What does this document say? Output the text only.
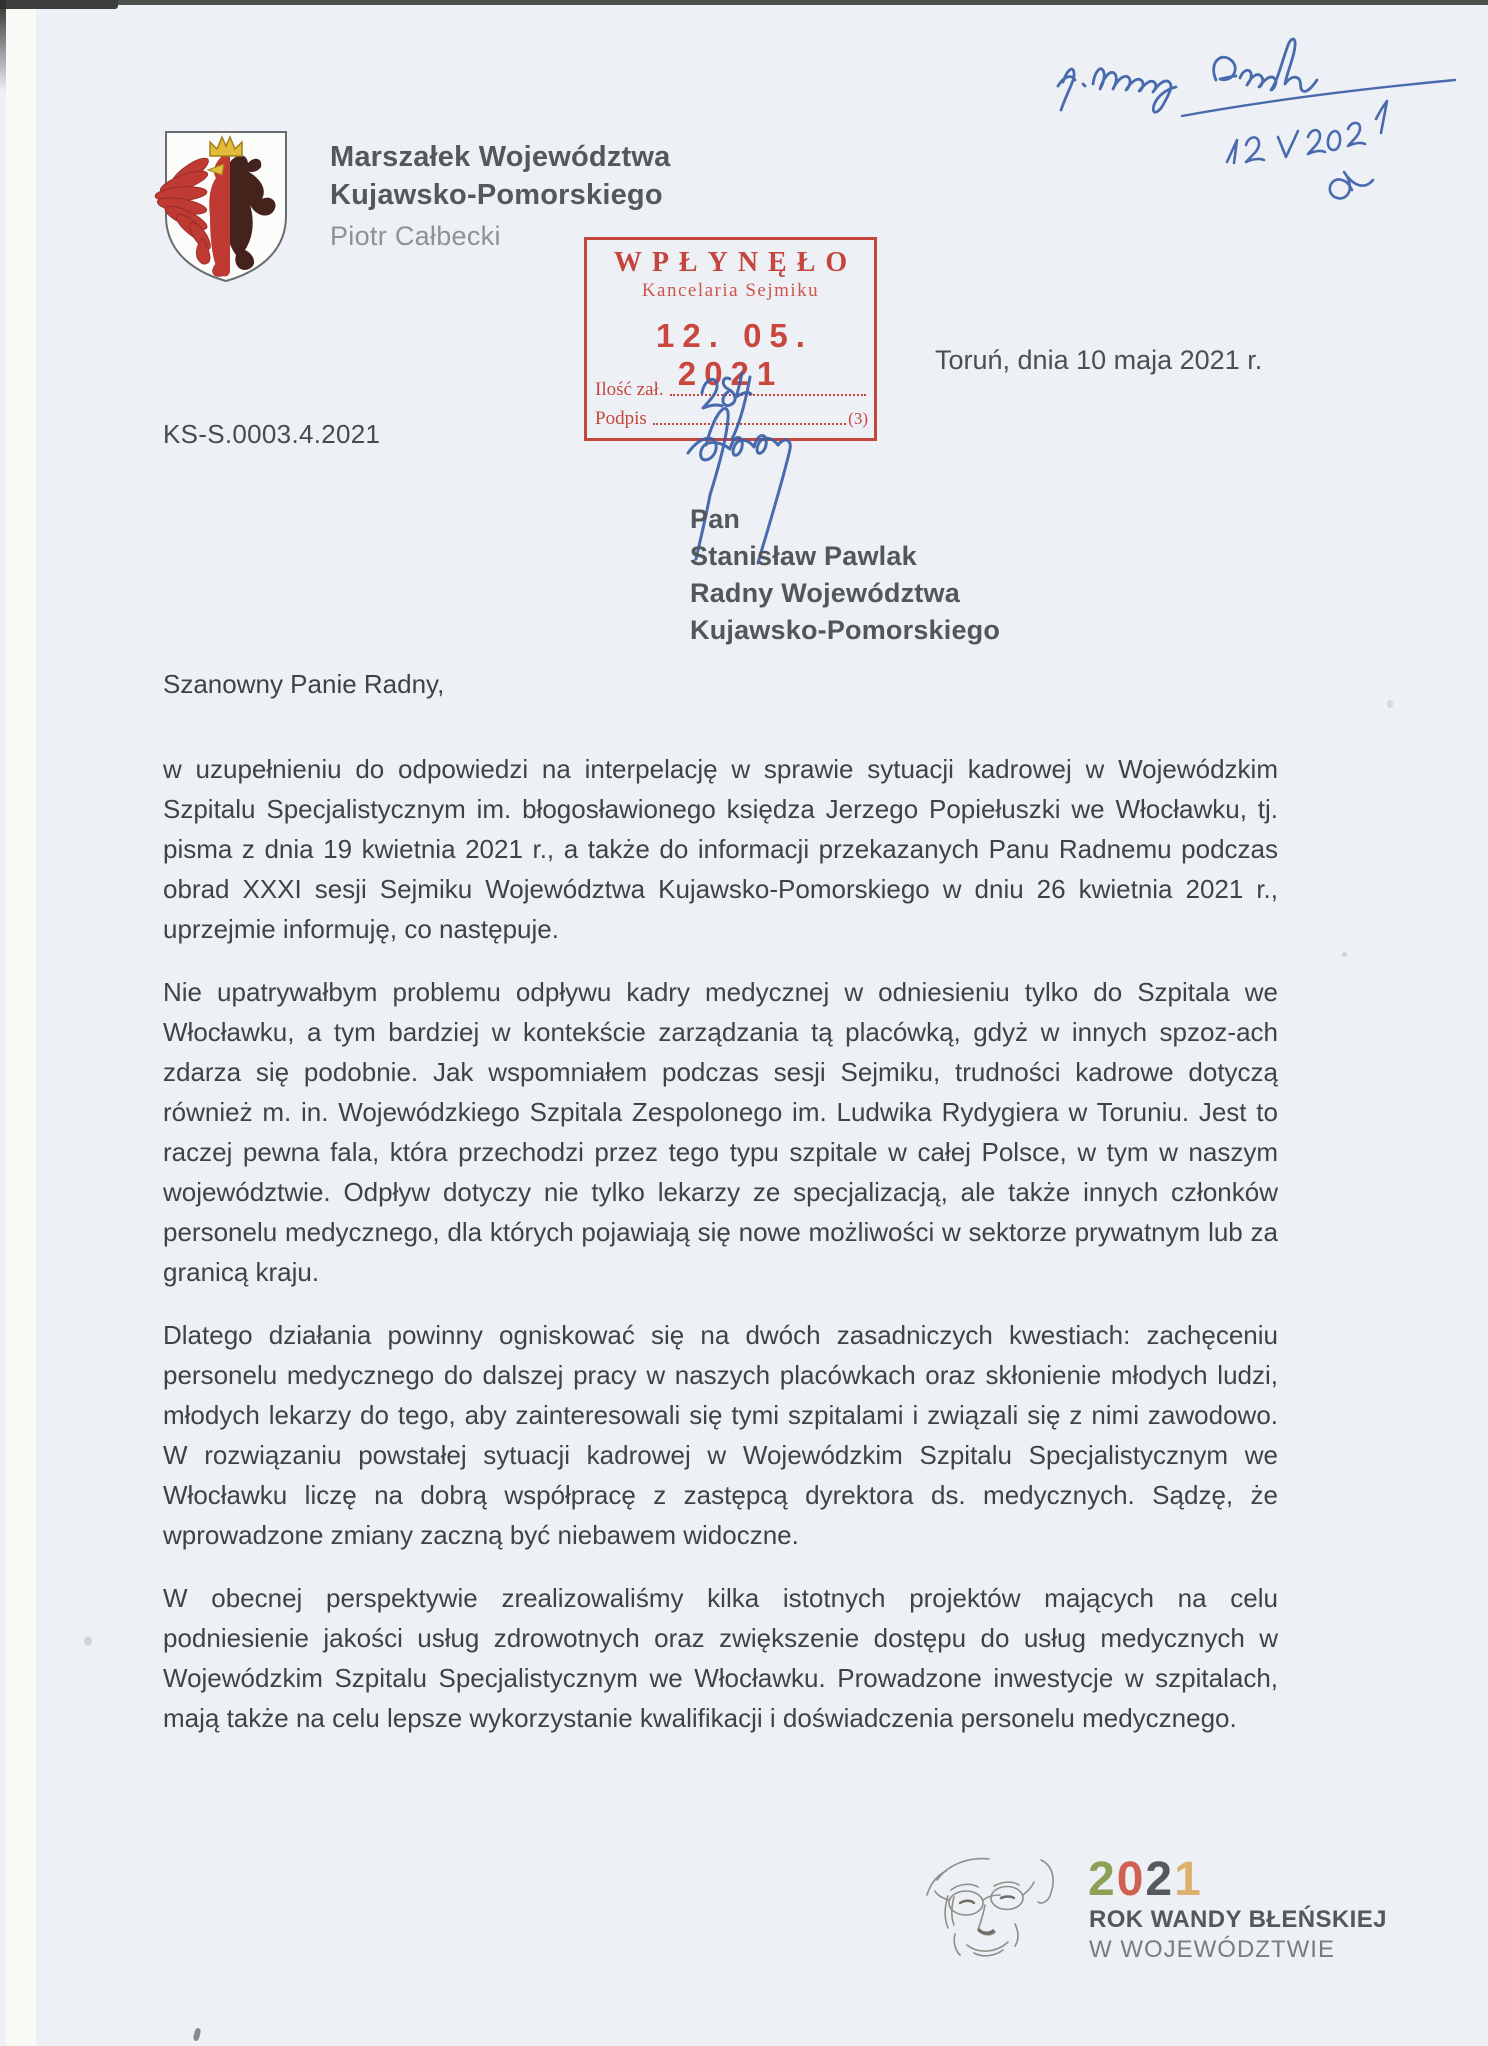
Marszałek Województwa
Kujawsko-Pomorskiego
Piotr Całbecki
WPŁYNĘŁO
Kancelaria Sejmiku
12. 05. 2021
Ilość zał.
Podpis	(3)
Toruń, dnia 10 maja 2021 r.
KS-S.0003.4.2021
Pan
Stanisław Pawlak
Radny Województwa
Kujawsko-Pomorskiego
Szanowny Panie Radny,

w uzupełnieniu do odpowiedzi na interpelację w sprawie sytuacji kadrowej w Wojewódzkim Szpitalu Specjalistycznym im. błogosławionego księdza Jerzego Popiełuszki we Włocławku, tj. pisma z dnia 19 kwietnia 2021 r., a także do informacji przekazanych Panu Radnemu podczas obrad XXXI sesji Sejmiku Województwa Kujawsko-Pomorskiego w dniu 26 kwietnia 2021 r., uprzejmie informuję, co następuje.

Nie upatrywałbym problemu odpływu kadry medycznej w odniesieniu tylko do Szpitala we Włocławku, a tym bardziej w kontekście zarządzania tą placówką, gdyż w innych spzoz-ach zdarza się podobnie. Jak wspomniałem podczas sesji Sejmiku, trudności kadrowe dotyczą również m. in. Wojewódzkiego Szpitala Zespolonego im. Ludwika Rydygiera w Toruniu. Jest to raczej pewna fala, która przechodzi przez tego typu szpitale w całej Polsce, w tym w naszym województwie. Odpływ dotyczy nie tylko lekarzy ze specjalizacją, ale także innych członków personelu medycznego, dla których pojawiają się nowe możliwości w sektorze prywatnym lub za granicą kraju.

Dlatego działania powinny ogniskować się na dwóch zasadniczych kwestiach: zachęceniu personelu medycznego do dalszej pracy w naszych placówkach oraz skłonienie młodych ludzi, młodych lekarzy do tego, aby zainteresowali się tymi szpitalami i związali się z nimi zawodowo. W rozwiązaniu powstałej sytuacji kadrowej w Wojewódzkim Szpitalu Specjalistycznym we Włocławku liczę na dobrą współpracę z zastępcą dyrektora ds. medycznych. Sądzę, że wprowadzone zmiany zaczną być niebawem widoczne.

W obecnej perspektywie zrealizowaliśmy kilka istotnych projektów mających na celu podniesienie jakości usług zdrowotnych oraz zwiększenie dostępu do usług medycznych w Wojewódzkim Szpitalu Specjalistycznym we Włocławku. Prowadzone inwestycje w szpitalach, mają także na celu lepsze wykorzystanie kwalifikacji i doświadczenia personelu medycznego.

2021
ROK WANDY BŁEŃSKIEJ
W WOJEWÓDZTWIE
